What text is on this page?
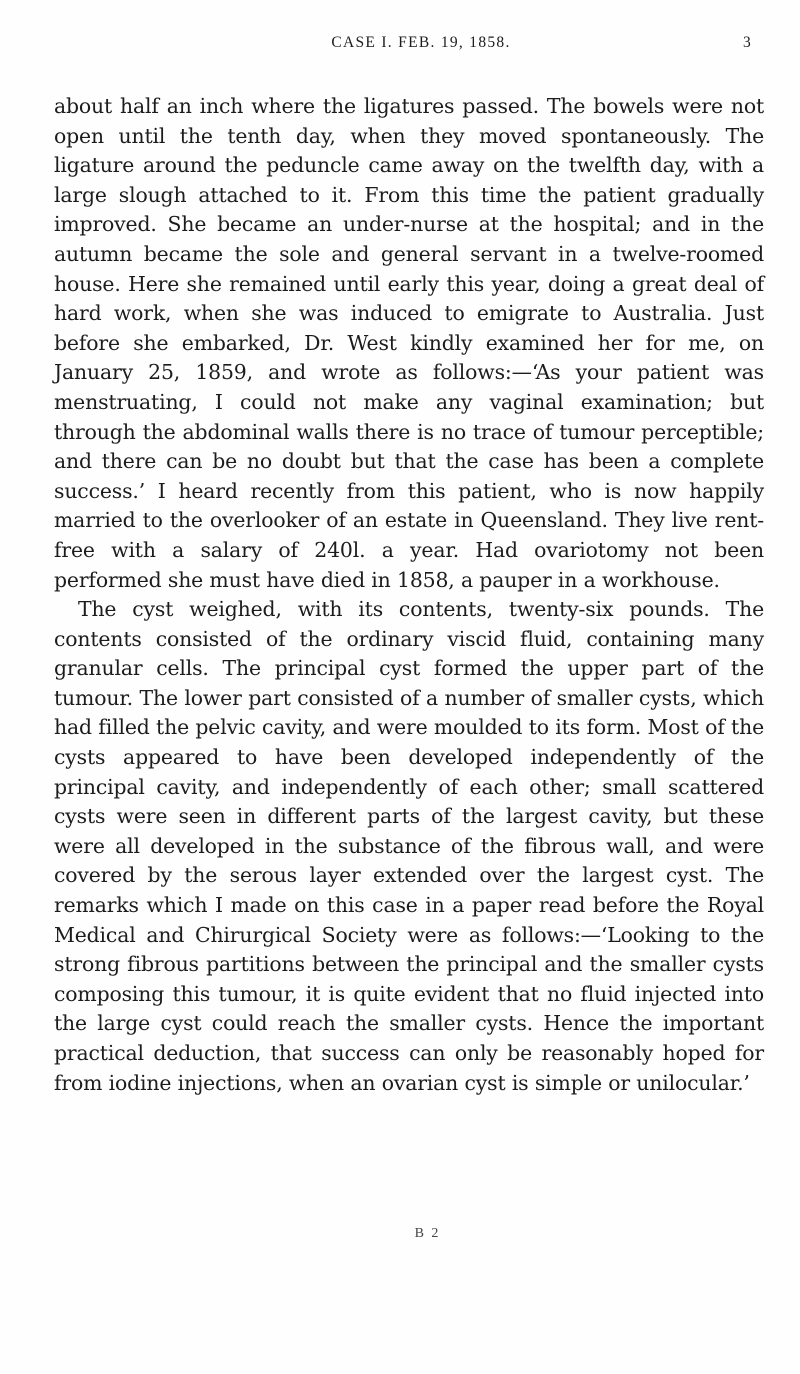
CASE I. FEB. 19, 1858.	3

about half an inch where the ligatures passed. The bowels were not open until the tenth day, when they moved spontaneously. The ligature around the peduncle came away on the twelfth day, with a large slough attached to it. From this time the patient gradually improved. She became an under-nurse at the hospital; and in the autumn became the sole and general servant in a twelve-roomed house. Here she remained until early this year, doing a great deal of hard work, when she was induced to emigrate to Australia. Just before she embarked, Dr. West kindly examined her for me, on January 25, 1859, and wrote as follows:—‘As your patient was menstruating, I could not make any vaginal examination; but through the abdominal walls there is no trace of tumour perceptible; and there can be no doubt but that the case has been a complete success.’ I heard recently from this patient, who is now happily married to the overlooker of an estate in Queensland. They live rent-free with a salary of 240l. a year. Had ovariotomy not been performed she must have died in 1858, a pauper in a workhouse.

The cyst weighed, with its contents, twenty-six pounds. The contents consisted of the ordinary viscid fluid, containing many granular cells. The principal cyst formed the upper part of the tumour. The lower part consisted of a number of smaller cysts, which had filled the pelvic cavity, and were moulded to its form. Most of the cysts appeared to have been developed independently of the principal cavity, and independently of each other; small scattered cysts were seen in different parts of the largest cavity, but these were all developed in the substance of the fibrous wall, and were covered by the serous layer extended over the largest cyst. The remarks which I made on this case in a paper read before the Royal Medical and Chirurgical Society were as follows:—‘Looking to the strong fibrous partitions between the principal and the smaller cysts composing this tumour, it is quite evident that no fluid injected into the large cyst could reach the smaller cysts. Hence the important practical deduction, that success can only be reasonably hoped for from iodine injections, when an ovarian cyst is simple or unilocular.’

B 2
